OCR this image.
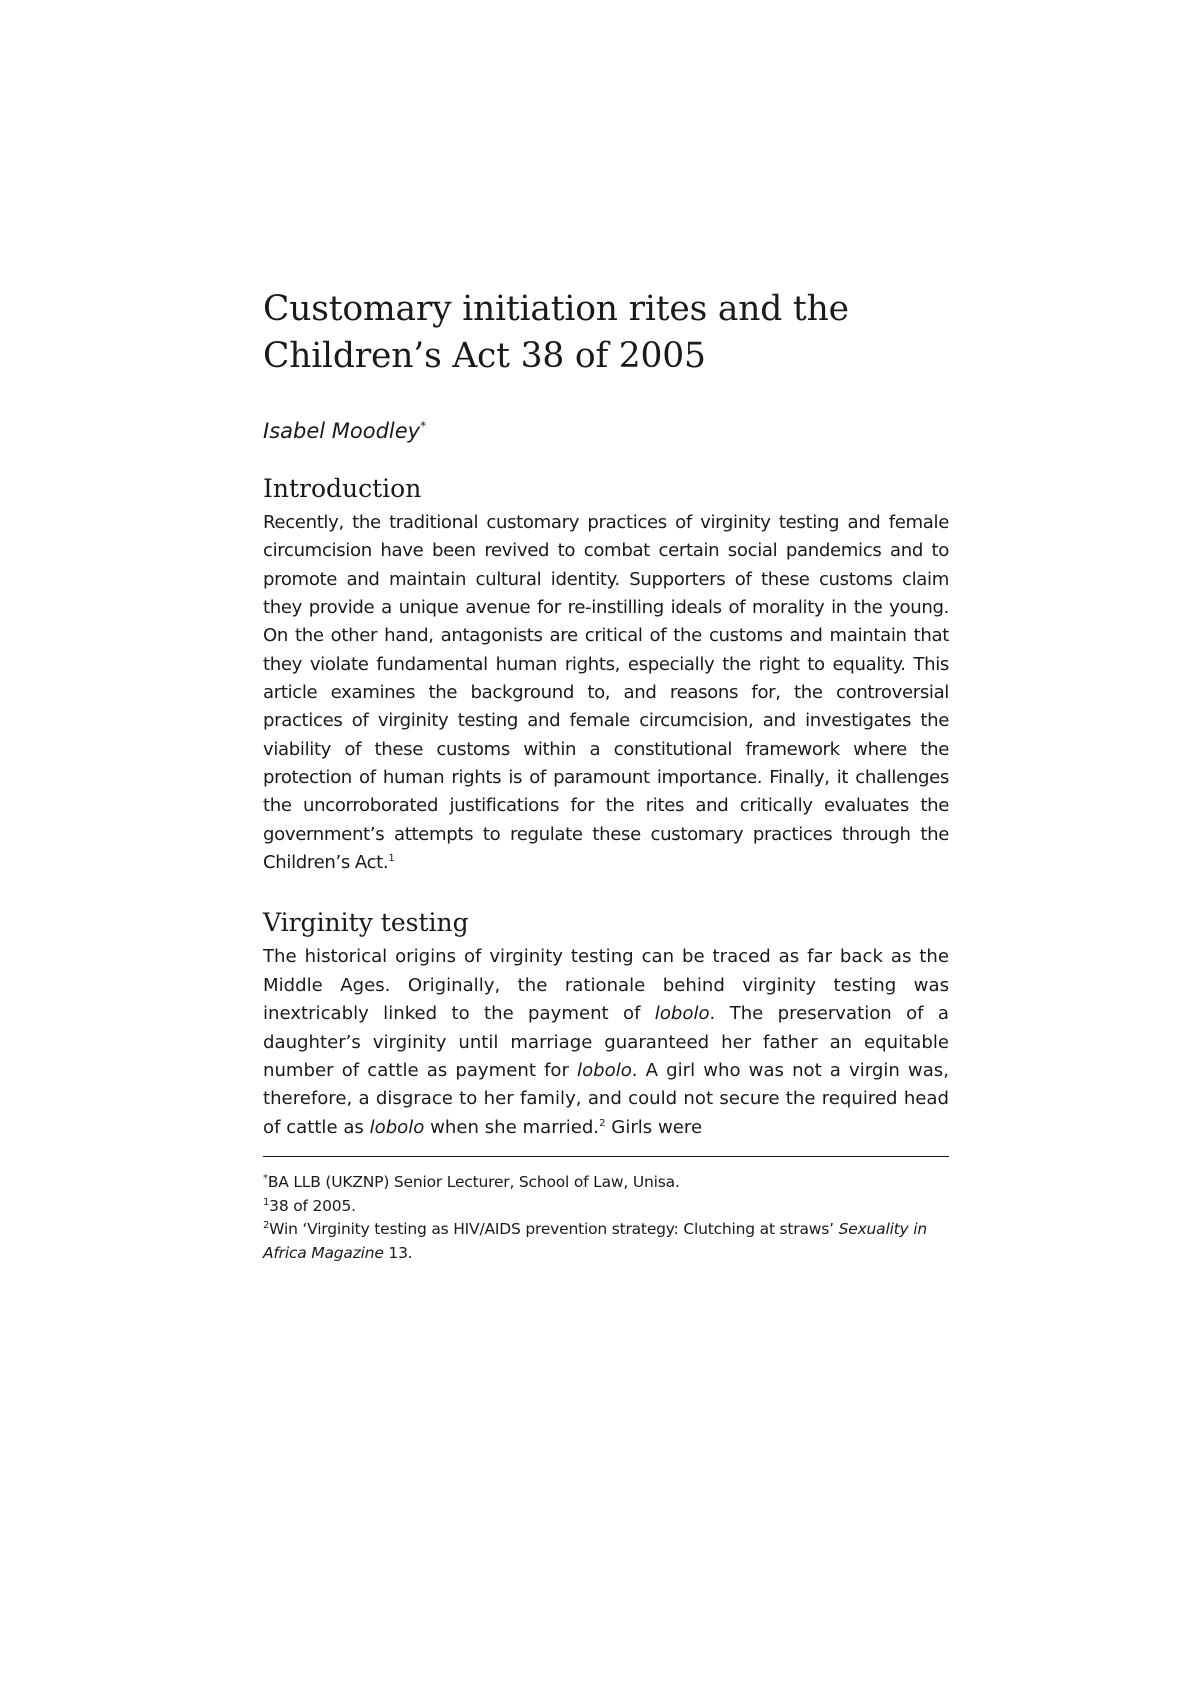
Customary initiation rites and the
Children’s Act 38 of 2005

Isabel Moodley*

Introduction

Recently, the traditional customary practices of virginity testing and female circumcision have been revived to combat certain social pandemics and to promote and maintain cultural identity. Supporters of these customs claim they provide a unique avenue for re-instilling ideals of morality in the young. On the other hand, antagonists are critical of the customs and maintain that they violate fundamental human rights, especially the right to equality. This article examines the background to, and reasons for, the controversial practices of virginity testing and female circumcision, and investigates the viability of these customs within a constitutional framework where the protection of human rights is of paramount importance. Finally, it challenges the uncorroborated justifications for the rites and critically evaluates the government’s attempts to regulate these customary practices through the Children’s Act.$^1$

Virginity testing

The historical origins of virginity testing can be traced as far back as the Middle Ages. Originally, the rationale behind virginity testing was inextricably linked to the payment of lobolo. The preservation of a daughter’s virginity until marriage guaranteed her father an equitable number of cattle as payment for lobolo. A girl who was not a virgin was, therefore, a disgrace to her family, and could not secure the required head of cattle as lobolo when she married.$^2$ Girls were

*BA LLB (UKZNP) Senior Lecturer, School of Law, Unisa.

$^1$38 of 2005.

$^2$Win ‘Virginity testing as HIV/AIDS prevention strategy: Clutching at straws’ Sexuality in Africa Magazine 13.
